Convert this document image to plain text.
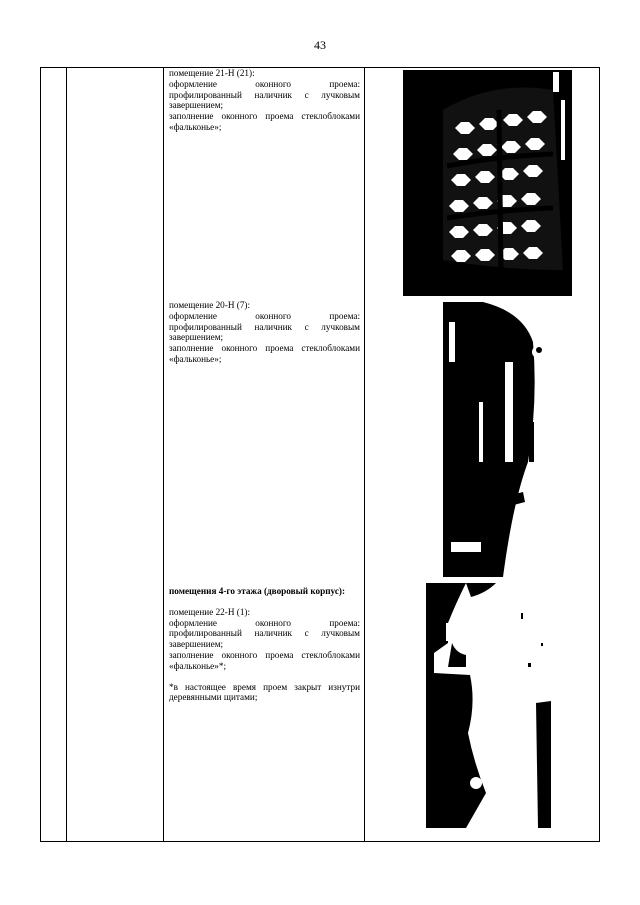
43

помещение 21-Н (21):

оформление оконного проема: профилированный наличник с лучковым завершением;

заполнение оконного проема стеклоблоками «фальконье»;

помещение 20-Н (7):

оформление оконного проема: профилированный наличник с лучковым завершением;

заполнение оконного проема стеклоблоками «фальконье»;

помещения 4-го этажа (дворовый корпус):

помещение 22-Н (1):

оформление оконного проема: профилированный наличник с лучковым завершением;

заполнение оконного проема стеклоблоками «фальконье»*;

*в настоящее время проем закрыт изнутри деревянными щитами;
